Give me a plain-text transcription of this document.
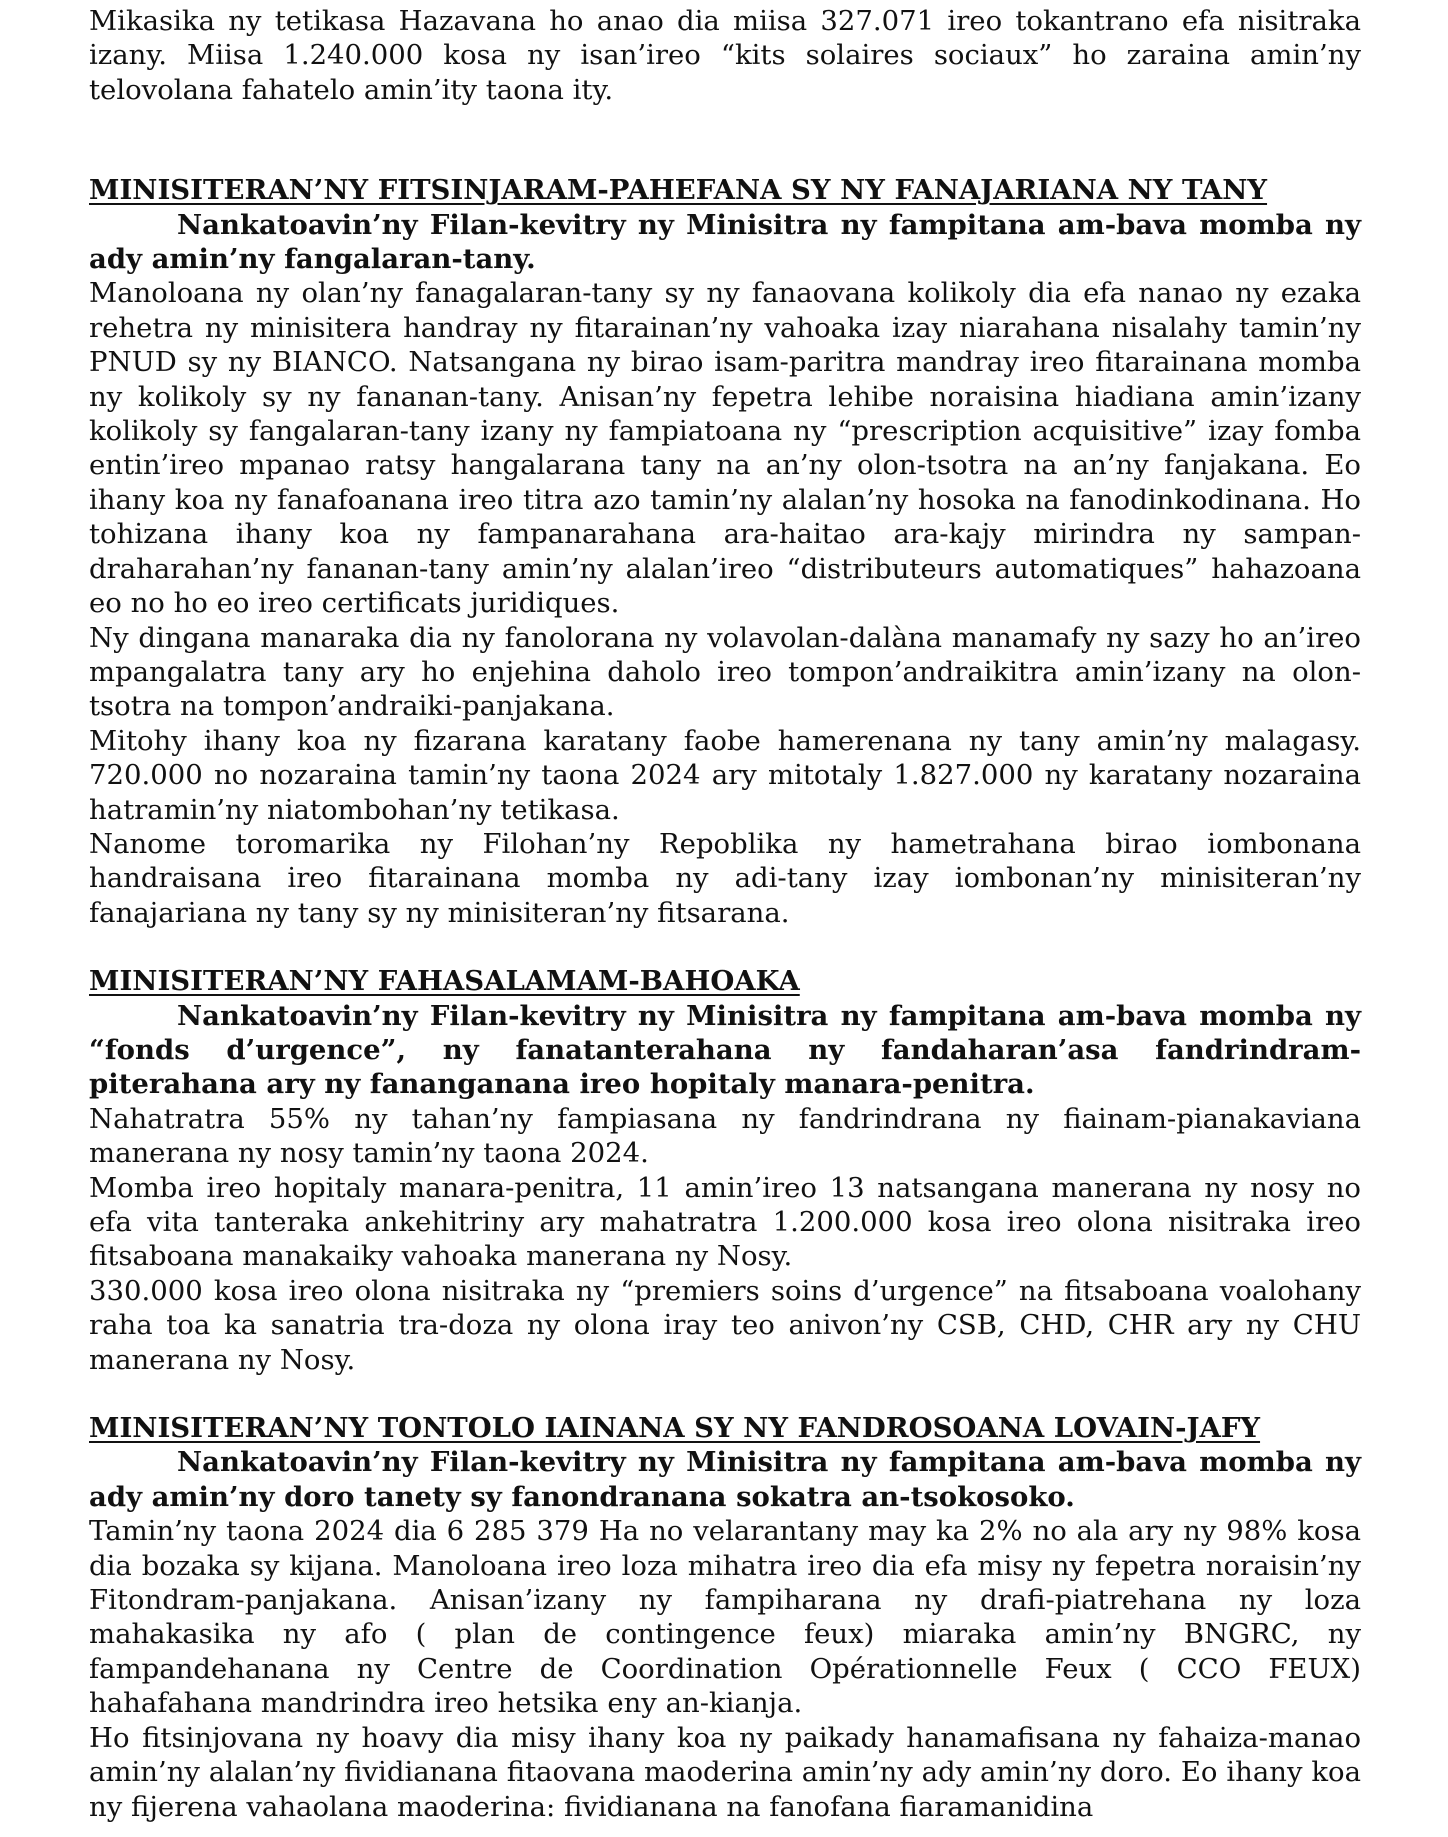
Mikasika ny tetikasa Hazavana ho anao dia miisa 327.071 ireo tokantrano efa nisitraka izany. Miisa 1.240.000 kosa ny isan’ireo “kits solaires sociaux” ho zaraina amin’ny telovolana fahatelo amin’ity taona ity.

MINISITERAN’NY FITSINJARAM-PAHEFANA SY NY FANAJARIANA NY TANY

Nankatoavin’ny Filan-kevitry ny Minisitra ny fampitana am-bava momba ny ady amin’ny fangalaran-tany.

Manoloana ny olan’ny fanagalaran-tany sy ny fanaovana kolikoly dia efa nanao ny ezaka rehetra ny minisitera handray ny fitarainan’ny vahoaka izay niarahana nisalahy tamin’ny PNUD sy ny BIANCO. Natsangana ny birao isam-paritra mandray ireo fitarainana momba ny kolikoly sy ny fananan-tany. Anisan’ny fepetra lehibe noraisina hiadiana amin’izany kolikoly sy fangalaran-tany izany ny fampiatoana ny “prescription acquisitive” izay fomba entin’ireo mpanao ratsy hangalarana tany na an’ny olon-tsotra na an’ny fanjakana. Eo ihany koa ny fanafoanana ireo titra azo tamin’ny alalan’ny hosoka na fanodinkodinana. Ho tohizana ihany koa ny fampanarahana ara-haitao ara-kajy mirindra ny sampan-draharahan’ny fananan-tany amin’ny alalan’ireo “distributeurs automatiques” hahazoana eo no ho eo ireo certificats juridiques.

Ny dingana manaraka dia ny fanolorana ny volavolan-dalàna manamafy ny sazy ho an’ireo mpangalatra tany ary ho enjehina daholo ireo tompon’andraikitra amin’izany na olon-tsotra na tompon’andraiki-panjakana.

Mitohy ihany koa ny fizarana karatany faobe hamerenana ny tany amin’ny malagasy. 720.000 no nozaraina tamin’ny taona 2024 ary mitotaly 1.827.000 ny karatany nozaraina hatramin’ny niatombohan’ny tetikasa.

Nanome toromarika ny Filohan’ny Repoblika ny hametrahana birao iombonana handraisana ireo fitarainana momba ny adi-tany izay iombonan’ny minisiteran’ny fanajariana ny tany sy ny minisiteran’ny fitsarana.

MINISITERAN’NY FAHASALAMAM-BAHOAKA

Nankatoavin’ny Filan-kevitry ny Minisitra ny fampitana am-bava momba ny “fonds d’urgence”, ny fanatanterahana ny fandaharan’asa fandrindram-piterahana ary ny fananganana ireo hopitaly manara-penitra.

Nahatratra 55% ny tahan’ny fampiasana ny fandrindrana ny fiainam-pianakaviana manerana ny nosy tamin’ny taona 2024.

Momba ireo hopitaly manara-penitra, 11 amin’ireo 13 natsangana manerana ny nosy no efa vita tanteraka ankehitriny ary mahatratra 1.200.000 kosa ireo olona nisitraka ireo fitsaboana manakaiky vahoaka manerana ny Nosy.

330.000 kosa ireo olona nisitraka ny “premiers soins d’urgence” na fitsaboana voalohany raha toa ka sanatria tra-doza ny olona iray teo anivon’ny CSB, CHD, CHR ary ny CHU manerana ny Nosy.

MINISITERAN’NY TONTOLO IAINANA SY NY FANDROSOANA LOVAIN-JAFY

Nankatoavin’ny Filan-kevitry ny Minisitra ny fampitana am-bava momba ny ady amin’ny doro tanety sy fanondranana sokatra an-tsokosoko.

Tamin’ny taona 2024 dia 6 285 379 Ha no velarantany may ka 2% no ala ary ny 98% kosa dia bozaka sy kijana. Manoloana ireo loza mihatra ireo dia efa misy ny fepetra noraisin’ny Fitondram-panjakana. Anisan’izany ny fampiharana ny drafi-piatrehana ny loza mahakasika ny afo ( plan de contingence feux) miaraka amin’ny BNGRC, ny fampandehanana ny Centre de Coordination Opérationnelle Feux ( CCO FEUX) hahafahana mandrindra ireo hetsika eny an-kianja.

Ho fitsinjovana ny hoavy dia misy ihany koa ny paikady hanamafisana ny fahaiza-manao amin’ny alalan’ny fividianana fitaovana maoderina amin’ny ady amin’ny doro. Eo ihany koa ny fijerena vahaolana maoderina: fividianana na fanofana fiaramanidina
